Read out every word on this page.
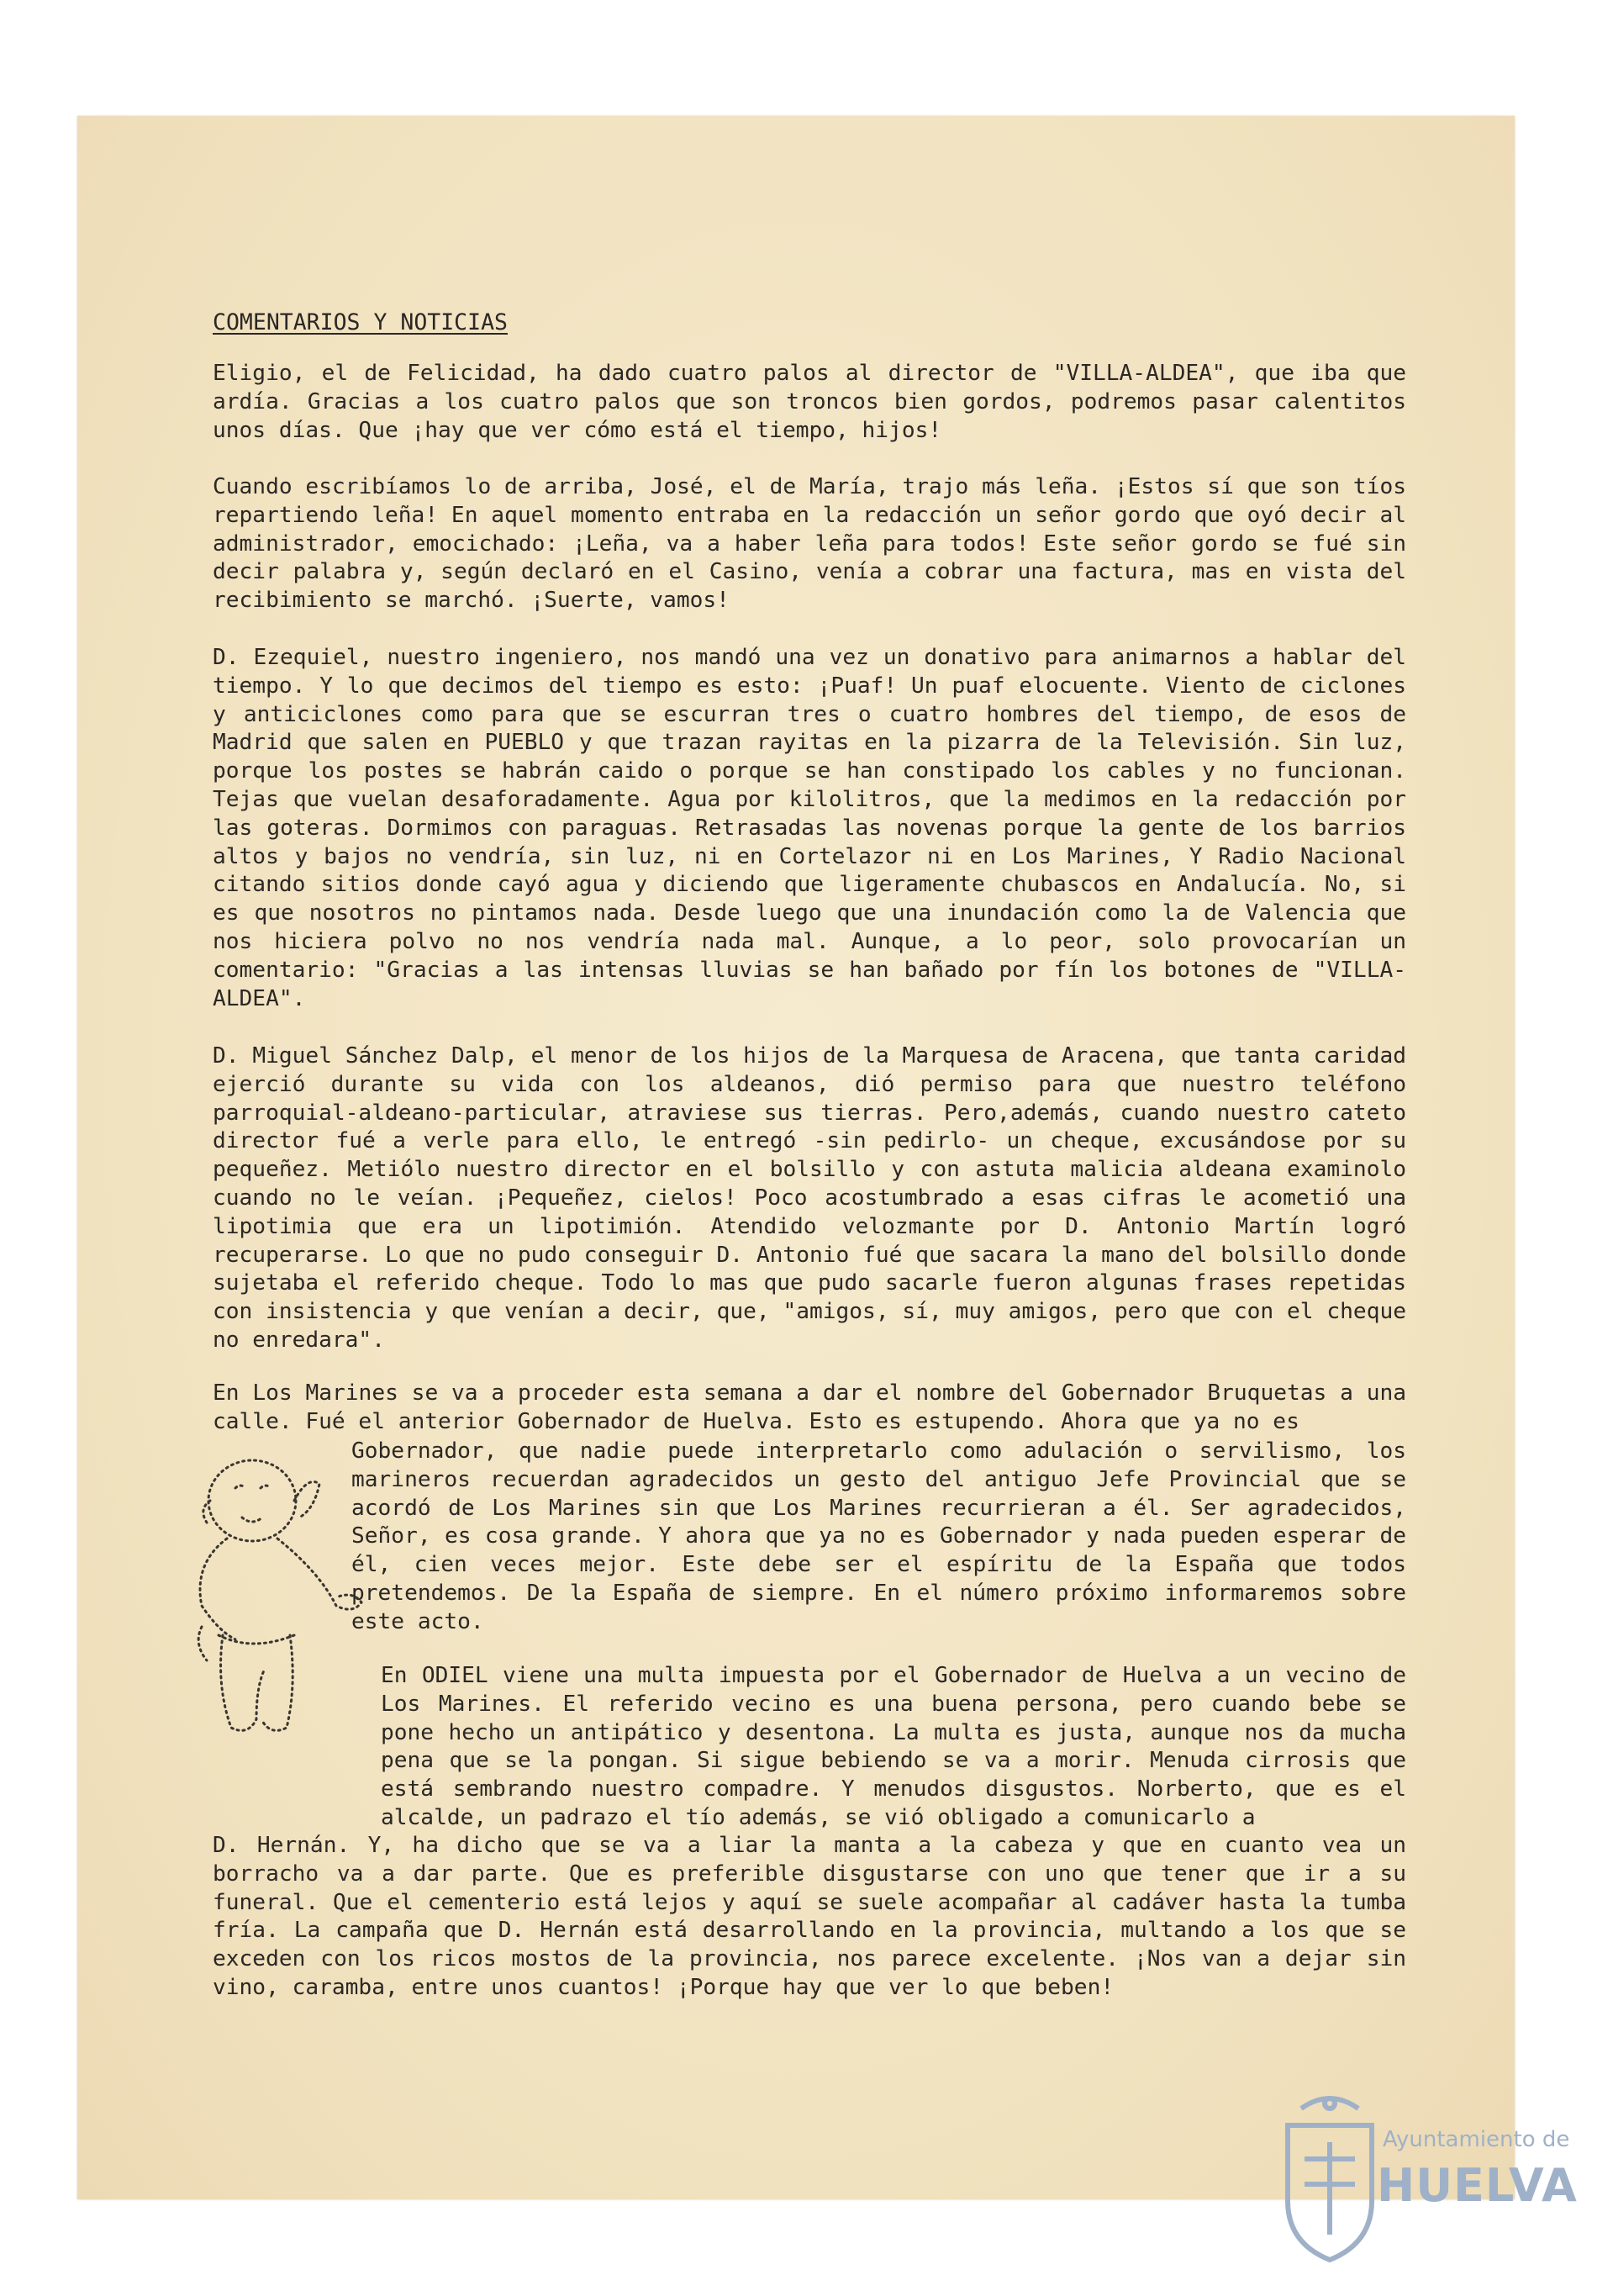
COMENTARIOS Y NOTICIAS

Eligio, el de Felicidad, ha dado cuatro palos al director de "VILLA-ALDEA", que iba que ardía. Gracias a los cuatro palos que son troncos bien gordos, podremos pasar calentitos unos días. Que ¡hay que ver cómo está el tiempo, hijos!

Cuando escribíamos lo de arriba, José, el de María, trajo más leña. ¡Estos sí que son tíos repartiendo leña! En aquel momento entraba en la redacción un señor gordo que oyó decir al administrador, emocichado: ¡Leña, va a haber leña para todos! Este señor gordo se fué sin decir palabra y, según declaró en el Casino, venía a cobrar una factura, mas en vista del recibimiento se marchó. ¡Suerte, vamos!

D. Ezequiel, nuestro ingeniero, nos mandó una vez un donativo para animarnos a hablar del tiempo. Y lo que decimos del tiempo es esto: ¡Puaf! Un puaf elocuente. Viento de ciclones y anticiclones como para que se escurran tres o cuatro hombres del tiempo, de esos de Madrid que salen en PUEBLO y que trazan rayitas en la pizarra de la Televisión. Sin luz, porque los postes se habrán caido o porque se han constipado los cables y no funcionan. Tejas que vuelan desaforadamente. Agua por kilolitros, que la medimos en la redacción por las goteras. Dormimos con paraguas. Retrasadas las novenas porque la gente de los barrios altos y bajos no vendría, sin luz, ni en Cortelazor ni en Los Marines, Y Radio Nacional citando sitios donde cayó agua y diciendo que ligeramente chubascos en Andalucía. No, si es que nosotros no pintamos nada. Desde luego que una inundación como la de Valencia que nos hiciera polvo no nos vendría nada mal. Aunque, a lo peor, solo provocarían un comentario: "Gracias a las intensas lluvias se han bañado por fín los botones de "VILLA-ALDEA".

D. Miguel Sánchez Dalp, el menor de los hijos de la Marquesa de Aracena, que tanta caridad ejerció durante su vida con los aldeanos, dió permiso para que nuestro teléfono parroquial-aldeano-particular, atraviese sus tierras. Pero,además, cuando nuestro cateto director fué a verle para ello, le entregó -sin pedirlo- un cheque, excusándose por su pequeñez. Metiólo nuestro director en el bolsillo y con astuta malicia aldeana examinolo cuando no le veían. ¡Pequeñez, cielos! Poco acostumbrado a esas cifras le acometió una lipotimia que era un lipotimión. Atendido velozmante por D. Antonio Martín logró recuperarse. Lo que no pudo conseguir D. Antonio fué que sacara la mano del bolsillo donde sujetaba el referido cheque. Todo lo mas que pudo sacarle fueron algunas frases repetidas con insistencia y que venían a decir, que, "amigos, sí, muy amigos, pero que con el cheque no enredara".

En Los Marines se va a proceder esta semana a dar el nombre del Gobernador Bruquetas a una calle. Fué el anterior Gobernador de Huelva. Esto es estupendo. Ahora que ya no es

Gobernador, que nadie puede interpretarlo como adulación o servilismo, los marineros recuerdan agradecidos un gesto del antiguo Jefe Provincial que se acordó de Los Marines sin que Los Marines recurrieran a él. Ser agradecidos, Señor, es cosa grande. Y ahora que ya no es Gobernador y nada pueden esperar de él, cien veces mejor. Este debe ser el espíritu de la España que todos pretendemos. De la España de siempre. En el número próximo informaremos sobre este acto.

En ODIEL viene una multa impuesta por el Gobernador de Huelva a un vecino de Los Marines. El referido vecino es una buena persona, pero cuando bebe se pone hecho un antipático y desentona. La multa es justa, aunque nos da mucha pena que se la pongan. Si sigue bebiendo se va a morir. Menuda cirrosis que está sembrando nuestro compadre. Y menudos disgustos. Norberto, que es el alcalde, un padrazo el tío además, se vió obligado a comunicarlo a

D. Hernán. Y, ha dicho que se va a liar la manta a la cabeza y que en cuanto vea un borracho va a dar parte. Que es preferible disgustarse con uno que tener que ir a su funeral. Que el cementerio está lejos y aquí se suele acompañar al cadáver hasta la tumba fría. La campaña que D. Hernán está desarrollando en la provincia, multando a los que se exceden con los ricos mostos de la provincia, nos parece excelente. ¡Nos van a dejar sin vino, caramba, entre unos cuantos! ¡Porque hay que ver lo que beben!

Ayuntamiento de
HUELVA
